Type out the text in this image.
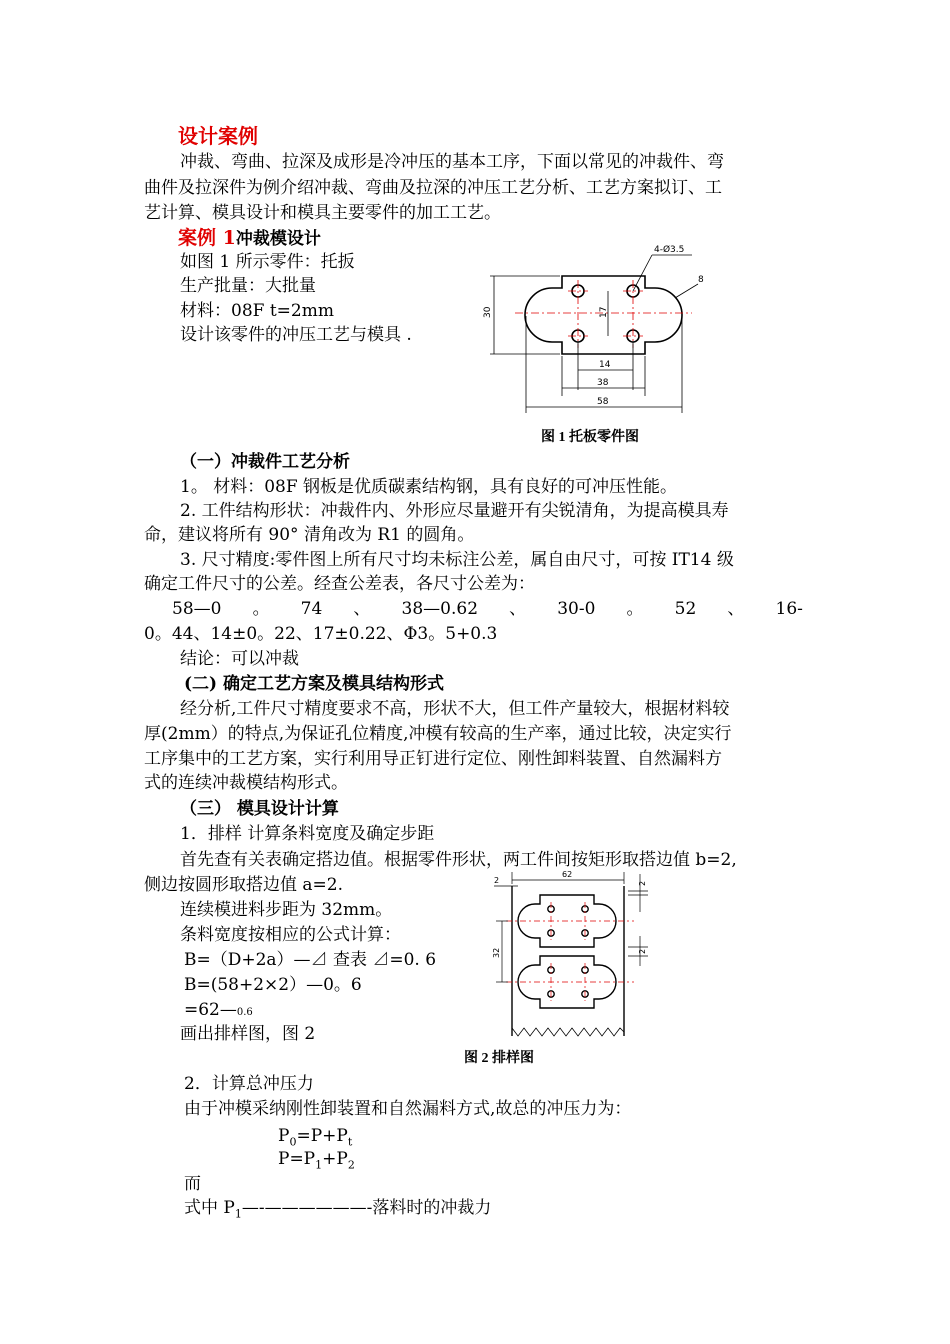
设计案例
冲裁、弯曲、拉深及成形是冷冲压的基本工序，下面以常见的冲裁件、弯
曲件及拉深件为例介绍冲裁、弯曲及拉深的冲压工艺分析、工艺方案拟订、工
艺计算、模具设计和模具主要零件的加工工艺。
案例 1冲裁模设计
如图 1 所示零件：托扳
生产批量：大批量
材料：08F t=2mm
设计该零件的冲压工艺与模具 .
4-Ø3.5
8
30	17
14
38
58
图 1 托板零件图
（一）冲裁件工艺分析
1。 材料：08F 钢板是优质碳素结构钢，具有良好的可冲压性能。
2. 工件结构形状：冲裁件内、外形应尽量避开有尖锐清角，为提高模具寿
命，建议将所有 90° 清角改为 R1 的圆角。
3. 尺寸精度:零件图上所有尺寸均未标注公差，属自由尺寸，可按 IT14 级
确定工件尺寸的公差。经查公差表，各尺寸公差为：
58—0 。 74 、 38—0.62 、 30-0 。 52 、 16-
0。44、14±0。22、17±0.22、Φ3。5+0.3
结论：可以冲裁
(二) 确定工艺方案及模具结构形式
经分析,工件尺寸精度要求不高，形状不大，但工件产量较大，根据材料较
厚(2mm）的特点,为保证孔位精度,冲模有较高的生产率，通过比较，决定实行
工序集中的工艺方案，实行利用导正钉进行定位、刚性卸料装置、自然漏料方
式的连续冲裁模结构形式。
（三） 模具设计计算
1．排样 计算条料宽度及确定步距
首先查有关表确定搭边值。根据零件形状，两工件间按矩形取搭边值 b=2,
侧边按圆形取搭边值 a=2.
连续模进料步距为 32mm。
条料宽度按相应的公式计算：
B=（D+2a）—⊿ 查表 ⊿=0. 6
B=(58+2×2）—0。6
=62—0.6
画出排样图，图 2
62
2	2
2
32
图 2 排样图
2．计算总冲压力
由于冲模采纳刚性卸装置和自然漏料方式,故总的冲压力为：
$P_0=P+P_t$
$P=P_1+P_2$
而
式中 $P_1—-——————-$落料时的冲裁力
